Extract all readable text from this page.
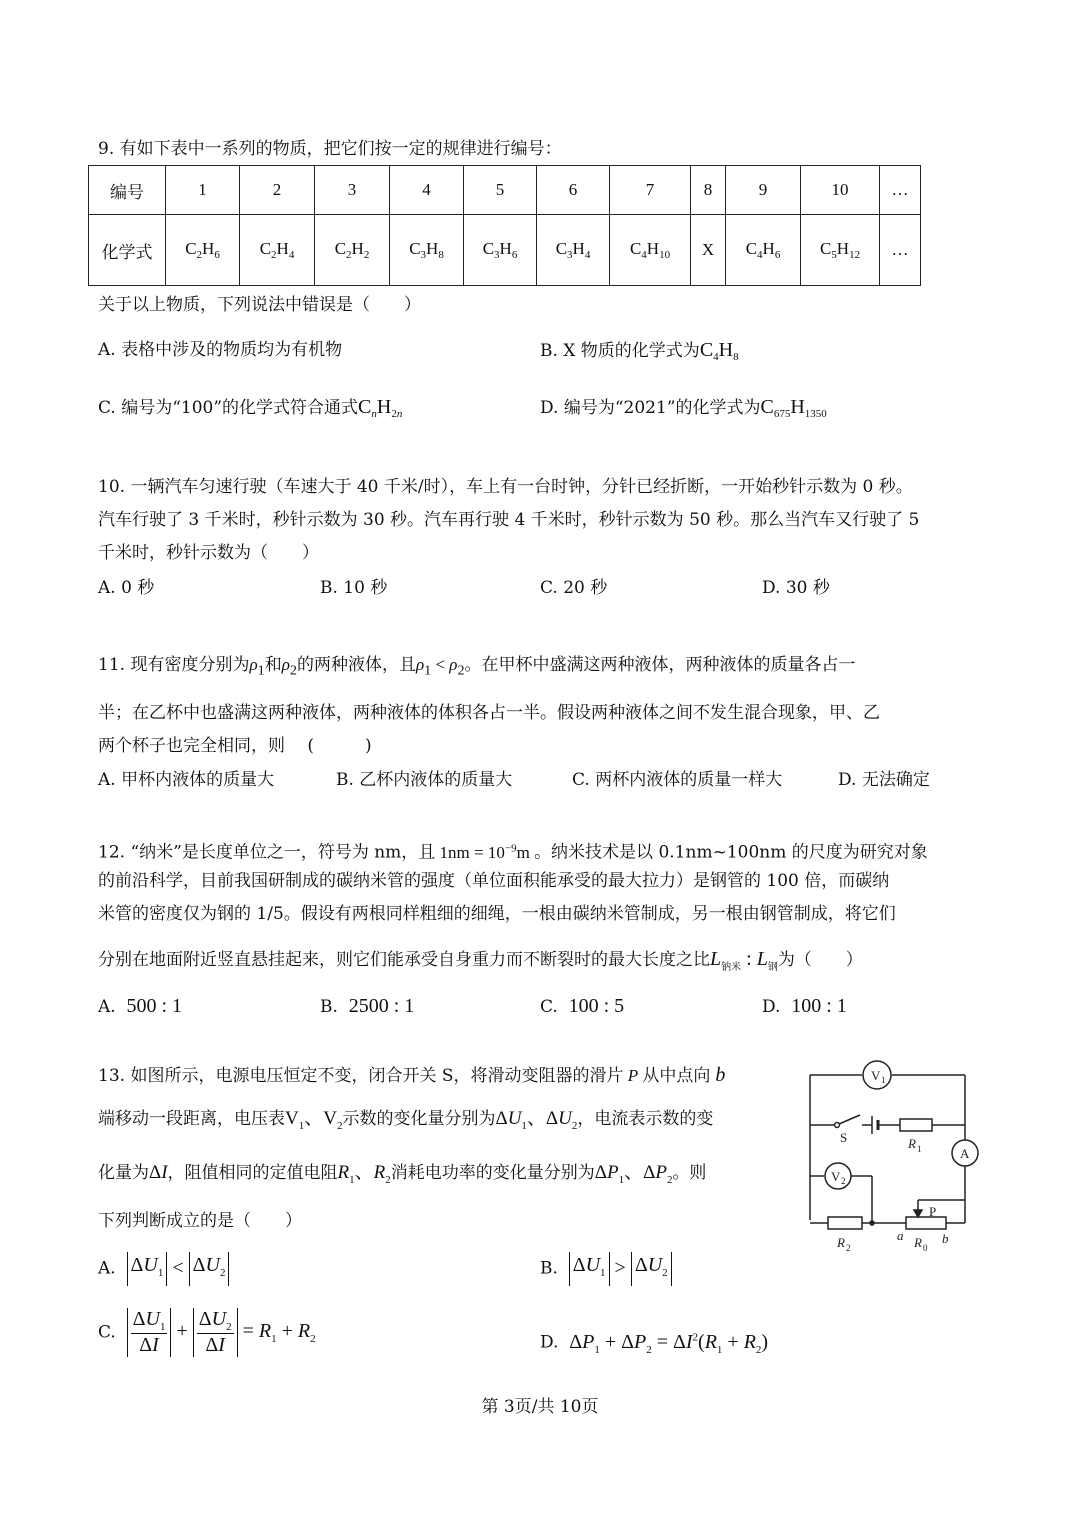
9. 有如下表中一系列的物质，把它们按一定的规律进行编号：
编号	1	2	3	4	5	6	7	8	9	10	…
化学式	$C_2H_6$	$C_2H_4$	$C_2H_2$	$C_3H_8$	$C_3H_6$	$C_3H_4$	$C_4H_{10}$	X	$C_4H_6$	$C_5H_{12}$	…
关于以上物质，下列说法中错误是（　　）
A. 表格中涉及的物质均为有机物	B. X 物质的化学式为$C_4H_8$
C. 编号为“100”的化学式符合通式$C_nH_{2n}$	D. 编号为“2021”的化学式为$C_{675}H_{1350}$
10. 一辆汽车匀速行驶（车速大于 40 千米/时），车上有一台时钟，分针已经折断，一开始秒针示数为 0 秒。
汽车行驶了 3 千米时，秒针示数为 30 秒。汽车再行驶 4 千米时，秒针示数为 50 秒。那么当汽车又行驶了 5
千米时，秒针示数为（　　）
A. 0 秒	B. 10 秒	C. 20 秒	D. 30 秒
11. 现有密度分别为$\rho_1$和$\rho_2$的两种液体，且$\rho_1 < \rho_2$。在甲杯中盛满这两种液体，两种液体的质量各占一
半；在乙杯中也盛满这两种液体，两种液体的体积各占一半。假设两种液体之间不发生混合现象，甲、乙
两个杯子也完全相同，则　 (　　　)
A. 甲杯内液体的质量大	B. 乙杯内液体的质量大	C. 两杯内液体的质量一样大	D. 无法确定
12. “纳米”是长度单位之一，符号为 nm，且 $1nm = 10^{-9}m$ 。纳米技术是以 0.1nm~100nm 的尺度为研究对象
的前沿科学，目前我国研制成的碳纳米管的强度（单位面积能承受的最大拉力）是钢管的 100 倍，而碳纳
米管的密度仅为钢的 1/5。假设有两根同样粗细的细绳，一根由碳纳米管制成，另一根由钢管制成，将它们
分别在地面附近竖直悬挂起来，则它们能承受自身重力而不断裂时的最大长度之比$L_{钠米}$ : $L_钢$为（　　）
A. 500 : 1	B. 2500 : 1	C. 100 : 5	D. 100 : 1
13. 如图所示，电源电压恒定不变，闭合开关 S，将滑动变阻器的滑片 P 从中点向 b
端移动一段距离，电压表$V_1$、$V_2$示数的变化量分别为$\Delta U_1$、$\Delta U_2$，电流表示数的变
化量为ΔI，阻值相同的定值电阻$R_1$、$R_2$消耗电功率的变化量分别为$\Delta P_1$、$\Delta P_2$。则
下列判断成立的是（　　）
A. $\Delta U_1 < \Delta U_2$	B. $\Delta U_1 > \Delta U_2$
C. $\frac{\Delta U_1}{\Delta I} + \frac{\Delta U_2}{\Delta I} = R_1 + R_2$	D. $\Delta P_1 + \Delta P_2 = \Delta I^2(R_1 + R_2)$
V 1
S	R 1	A
V 2
R 2	R 0
a	b
P
第 3页/共 10页
